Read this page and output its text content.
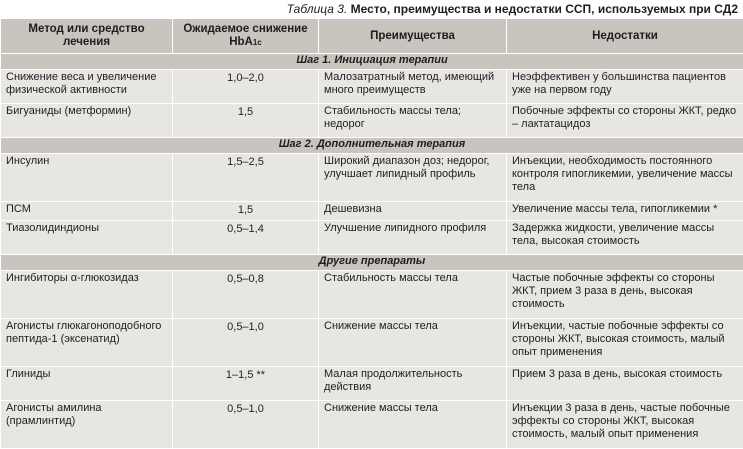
Таблица 3. Место, преимущества и недостатки ССП, используемых при СД2
Метод или средство лечения	Ожидаемое снижение HbA1c	Преимущества	Недостатки
Шаг 1. Инициация терапии			
Снижение веса и увеличение физической активности	1,0–2,0	Малозатратный метод, имеющий много преимуществ	Неэффективен у большинства пациентов уже на первом году
Бигуаниды (метформин)	1,5	Стабильность массы тела; недорог	Побочные эффекты со стороны ЖКТ, редко – лактатацидоз
Шаг 2. Дополнительная терапия			
Инсулин	1,5–2,5	Широкий диапазон доз; недорог, улучшает липидный профиль	Инъекции, необходимость постоянного контроля гипогликемии, увеличение массы тела
ПСМ	1,5	Дешевизна	Увеличение массы тела, гипогликемии *
Тиазолидиндионы	0,5–1,4	Улучшение липидного профиля	Задержка жидкости, увеличение массы тела, высокая стоимость
Другие препараты			
Ингибиторы α-глюкозидаз	0,5–0,8	Стабильность массы тела	Частые побочные эффекты со стороны ЖКТ, прием 3 раза в день, высокая стоимость
Агонисты глюкагоноподобного пептида-1 (эксенатид)	0,5–1,0	Снижение массы тела	Инъекции, частые побочные эффекты со стороны ЖКТ, высокая стоимость, малый опыт применения
Глиниды	1–1,5 **	Малая продолжительность действия	Прием 3 раза в день, высокая стоимость
Агонисты амилина (прамлинтид)	0,5–1,0	Снижение массы тела	Инъекции 3 раза в день, частые побочные эффекты со стороны ЖКТ, высокая стоимость, малый опыт применения
